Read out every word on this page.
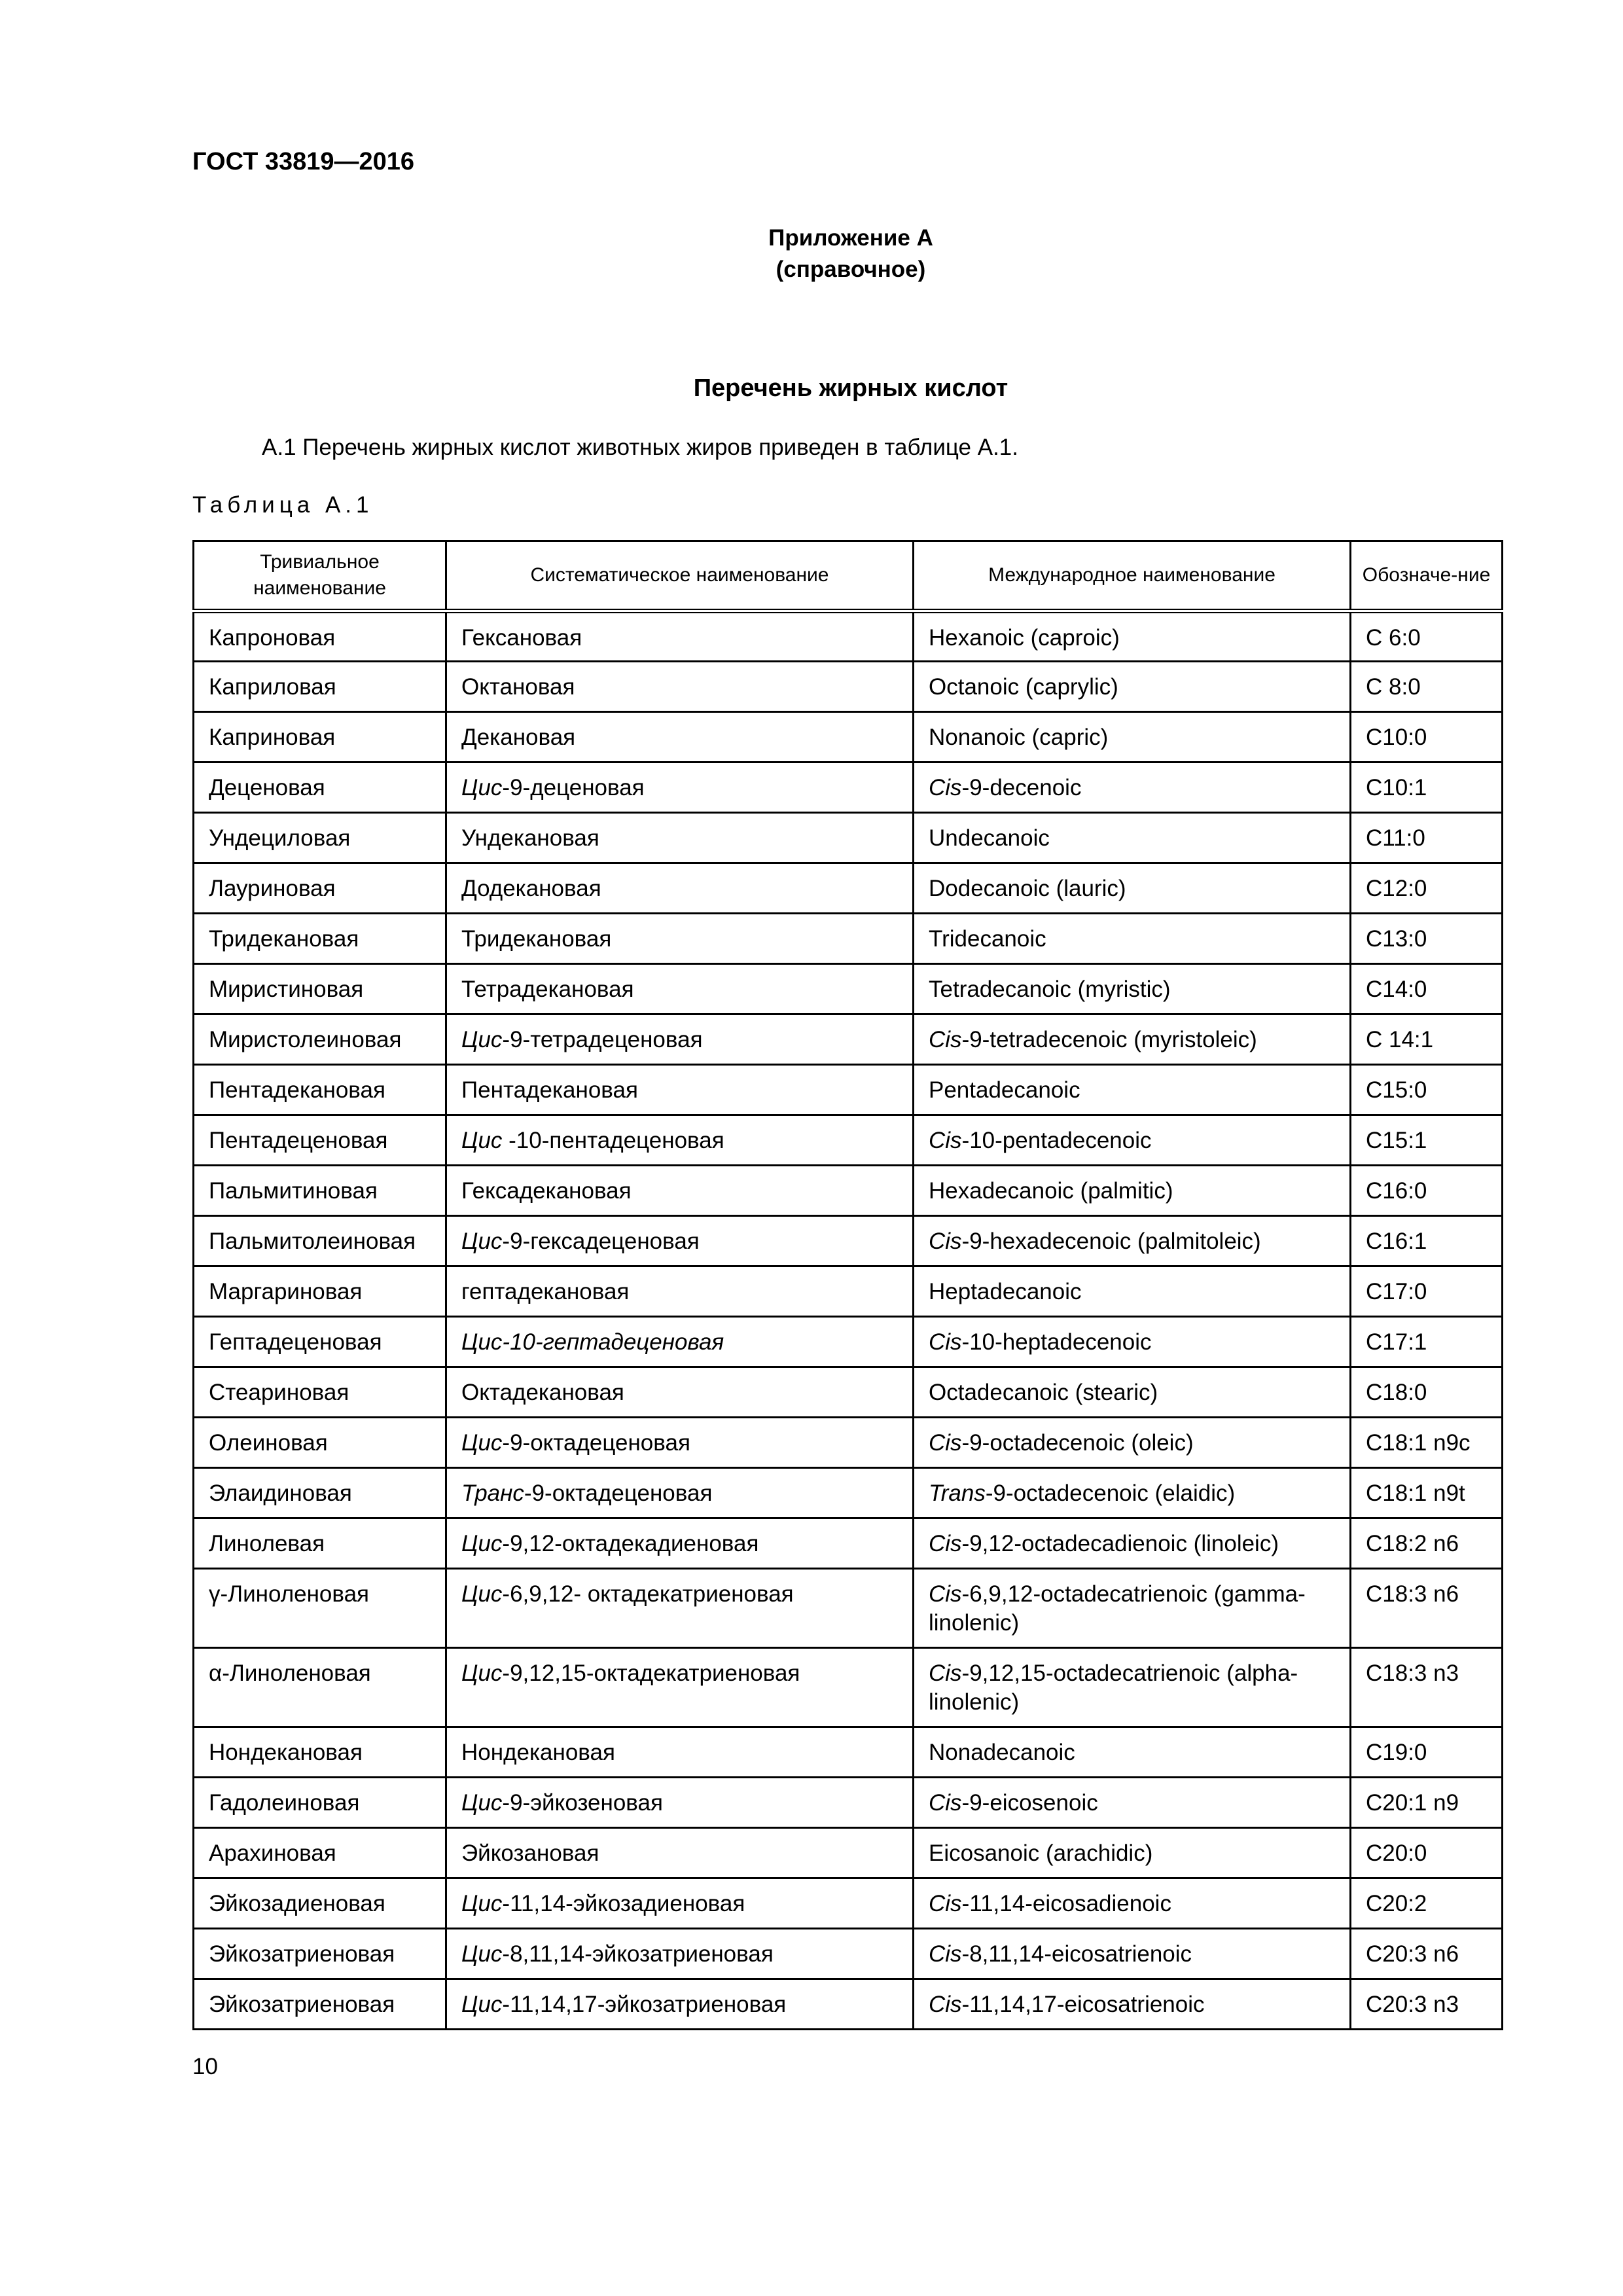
ГОСТ 33819—2016
Приложение А
(справочное)
Перечень жирных кислот
А.1 Перечень жирных кислот животных жиров приведен в таблице А.1.
Таблица А.1
Тривиальное наименование	Систематическое наименование	Международное наименование	Обозначе-ние
Капроновая	Гексановая	Hexanoic (caproic)	C 6:0
Каприловая	Октановая	Octanoic (caprylic)	C 8:0
Каприновая	Декановая	Nonanoic (capric)	C10:0
Деценовая	Цис-9-деценовая	Cis-9-decenoic	C10:1
Ундециловая	Ундекановая	Undecanoic	C11:0
Лауриновая	Додекановая	Dodecanoic (lauric)	C12:0
Тридекановая	Тридекановая	Tridecanoic	C13:0
Миристиновая	Тетрадекановая	Tetradecanoic (myristic)	C14:0
Миристолеиновая	Цис-9-тетрадеценовая	Cis-9-tetradecenoic (myristoleic)	C 14:1
Пентадекановая	Пентадекановая	Pentadecanoic	C15:0
Пентадеценовая	Цис -10-пентадеценовая	Cis-10-pentadecenoic	C15:1
Пальмитиновая	Гексадекановая	Hexadecanoic (palmitic)	C16:0
Пальмитолеиновая	Цис-9-гексадеценовая	Cis-9-hexadecenoic (palmitoleic)	C16:1
Маргариновая	гептадекановая	Heptadecanoic	C17:0
Гептадеценовая	Цис-10-гептадеценовая	Cis-10-heptadecenoic	C17:1
Стеариновая	Октадекановая	Octadecanoic (stearic)	C18:0
Олеиновая	Цис-9-октадеценовая	Cis-9-octadecenoic (oleic)	C18:1 n9c
Элаидиновая	Транс-9-октадеценовая	Trans-9-octadecenoic (elaidic)	C18:1 n9t
Линолевая	Цис-9,12-октадекадиеновая	Cis-9,12-octadecadienoic (linoleic)	C18:2 n6
γ-Линоленовая	Цис-6,9,12- октадекатриеновая	Cis-6,9,12-octadecatrienoic (gamma-linolenic)	C18:3 n6
α-Линоленовая	Цис-9,12,15-октадекатриеновая	Cis-9,12,15-octadecatrienoic (alpha-linolenic)	C18:3 n3
Нондекановая	Нондекановая	Nonadecanoic	C19:0
Гадолеиновая	Цис-9-эйкозеновая	Cis-9-eicosenoic	C20:1 n9
Арахиновая	Эйкозановая	Eicosanoic (arachidic)	C20:0
Эйкозадиеновая	Цис-11,14-эйкозадиеновая	Cis-11,14-eicosadienoic	C20:2
Эйкозатриеновая	Цис-8,11,14-эйкозатриеновая	Cis-8,11,14-eicosatrienoic	C20:3 n6
Эйкозатриеновая	Цис-11,14,17-эйкозатриеновая	Cis-11,14,17-eicosatrienoic	C20:3 n3
10
